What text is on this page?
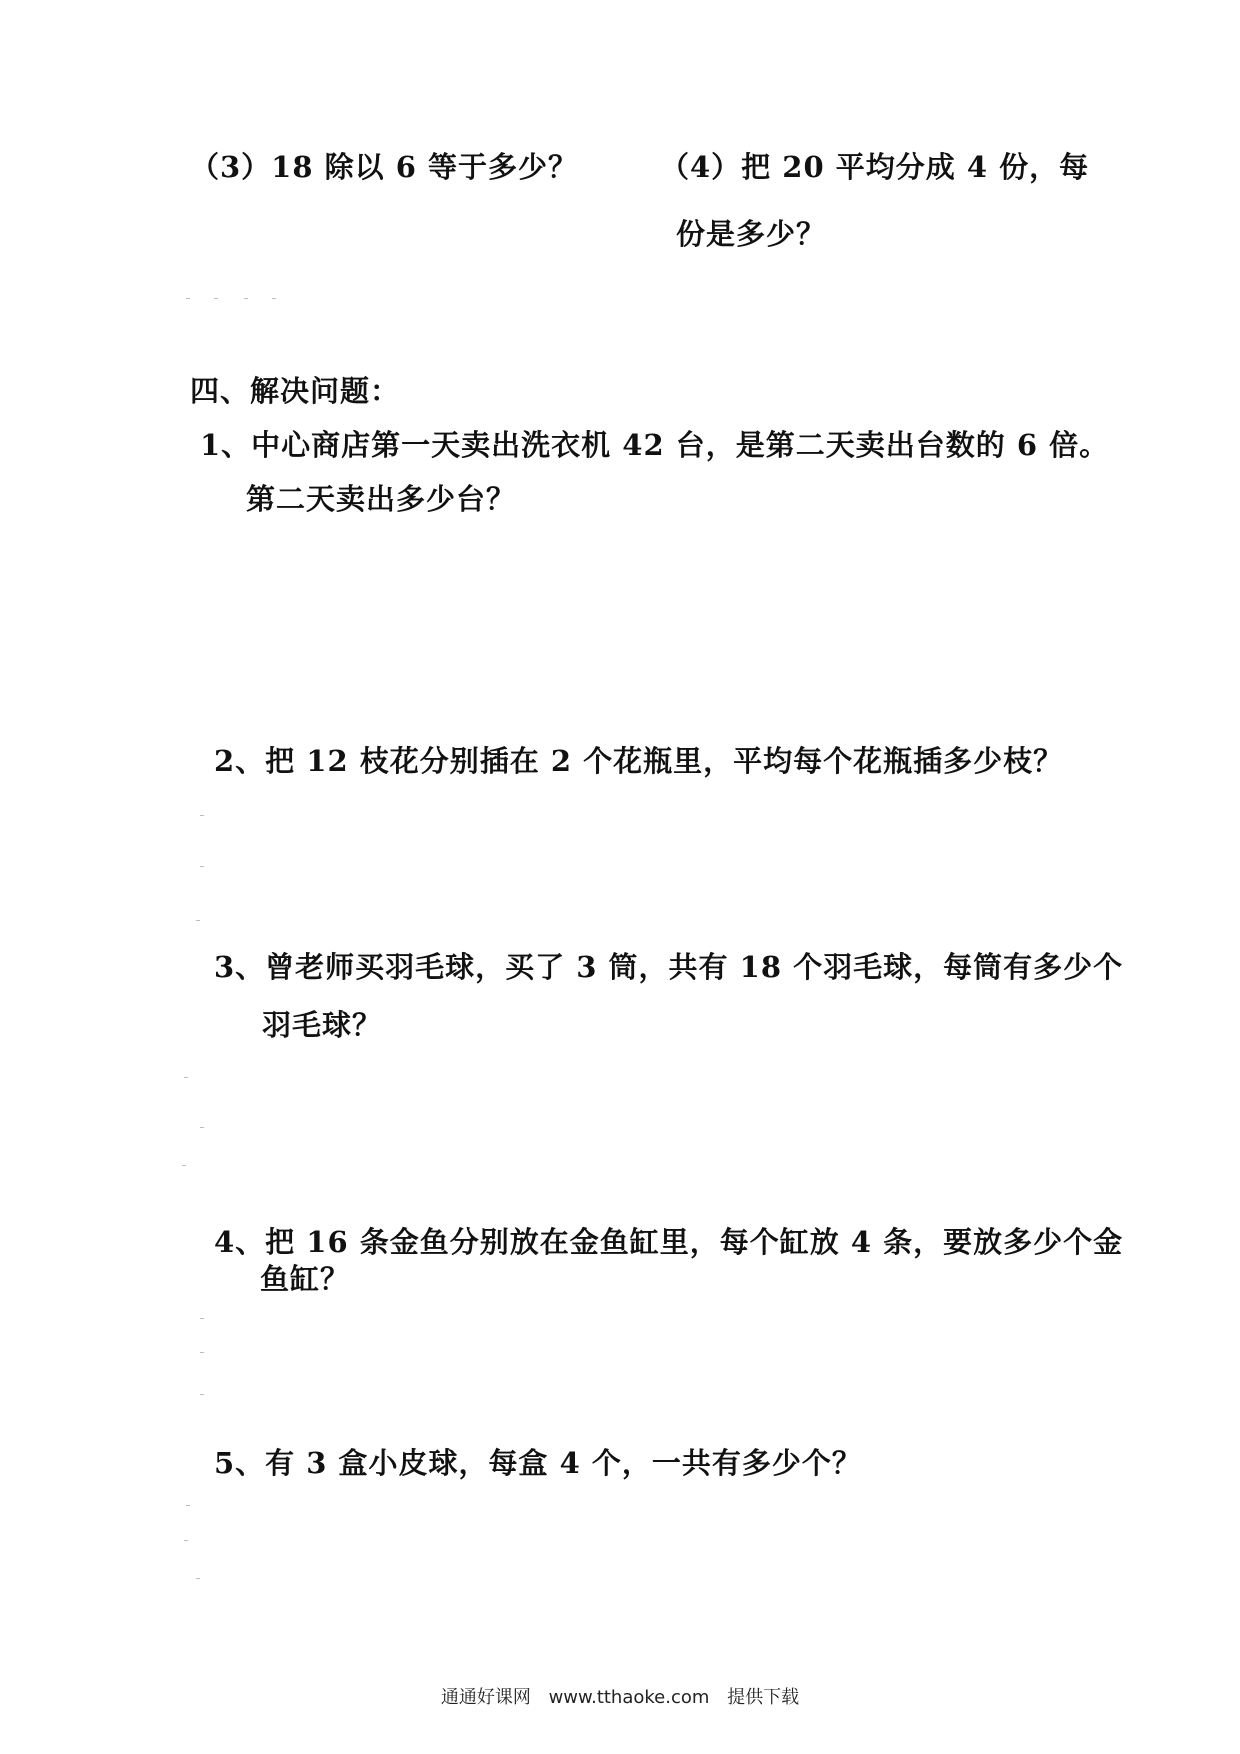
（3）18 除以 6 等于多少？	（4）把 20 平均分成 4 份，每
份是多少？
四、解决问题：
1、中心商店第一天卖出洗衣机 42 台，是第二天卖出台数的 6 倍。
第二天卖出多少台？
2、把 12 枝花分别插在 2 个花瓶里，平均每个花瓶插多少枝？
3、曾老师买羽毛球，买了 3 筒，共有 18 个羽毛球，每筒有多少个
羽毛球？
4、把 16 条金鱼分别放在金鱼缸里，每个缸放 4 条，要放多少个金
鱼缸？
5、有 3 盒小皮球，每盒 4 个，一共有多少个？
通通好课网 www.tthaoke.com 提供下载
